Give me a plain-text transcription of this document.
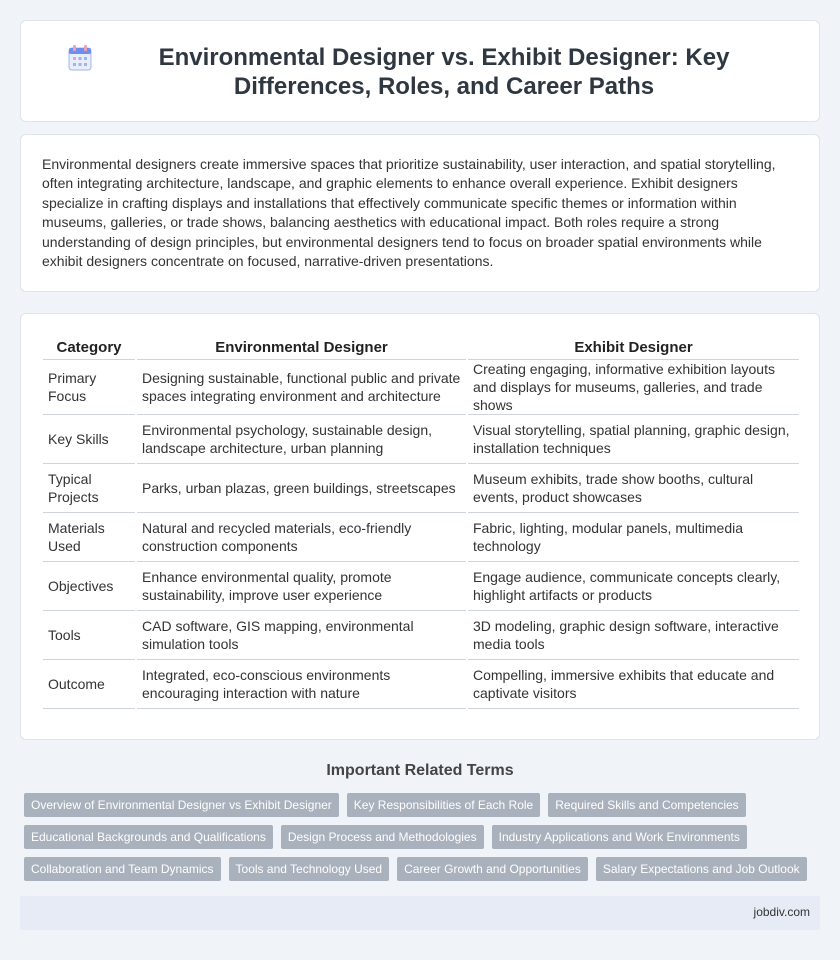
Environmental Designer vs. Exhibit Designer: Key Differences, Roles, and Career Paths

Environmental designers create immersive spaces that prioritize sustainability, user interaction, and spatial storytelling, often integrating architecture, landscape, and graphic elements to enhance overall experience. Exhibit designers specialize in crafting displays and installations that effectively communicate specific themes or information within museums, galleries, or trade shows, balancing aesthetics with educational impact. Both roles require a strong understanding of design principles, but environmental designers tend to focus on broader spatial environments while exhibit designers concentrate on focused, narrative-driven presentations.

Category	Environmental Designer	Exhibit Designer
Primary Focus	Designing sustainable, functional public and private spaces integrating environment and architecture	Creating engaging, informative exhibition layouts and displays for museums, galleries, and trade shows
Key Skills	Environmental psychology, sustainable design, landscape architecture, urban planning	Visual storytelling, spatial planning, graphic design, installation techniques
Typical Projects	Parks, urban plazas, green buildings, streetscapes	Museum exhibits, trade show booths, cultural events, product showcases
Materials Used	Natural and recycled materials, eco-friendly construction components	Fabric, lighting, modular panels, multimedia technology
Objectives	Enhance environmental quality, promote sustainability, improve user experience	Engage audience, communicate concepts clearly, highlight artifacts or products
Tools	CAD software, GIS mapping, environmental simulation tools	3D modeling, graphic design software, interactive media tools
Outcome	Integrated, eco-conscious environments encouraging interaction with nature	Compelling, immersive exhibits that educate and captivate visitors
Important Related Terms
Overview of Environmental Designer vs Exhibit Designer	Key Responsibilities of Each Role	Required Skills and Competencies
Educational Backgrounds and Qualifications	Design Process and Methodologies	Industry Applications and Work Environments
Collaboration and Team Dynamics	Tools and Technology Used	Career Growth and Opportunities	Salary Expectations and Job Outlook
jobdiv.com
